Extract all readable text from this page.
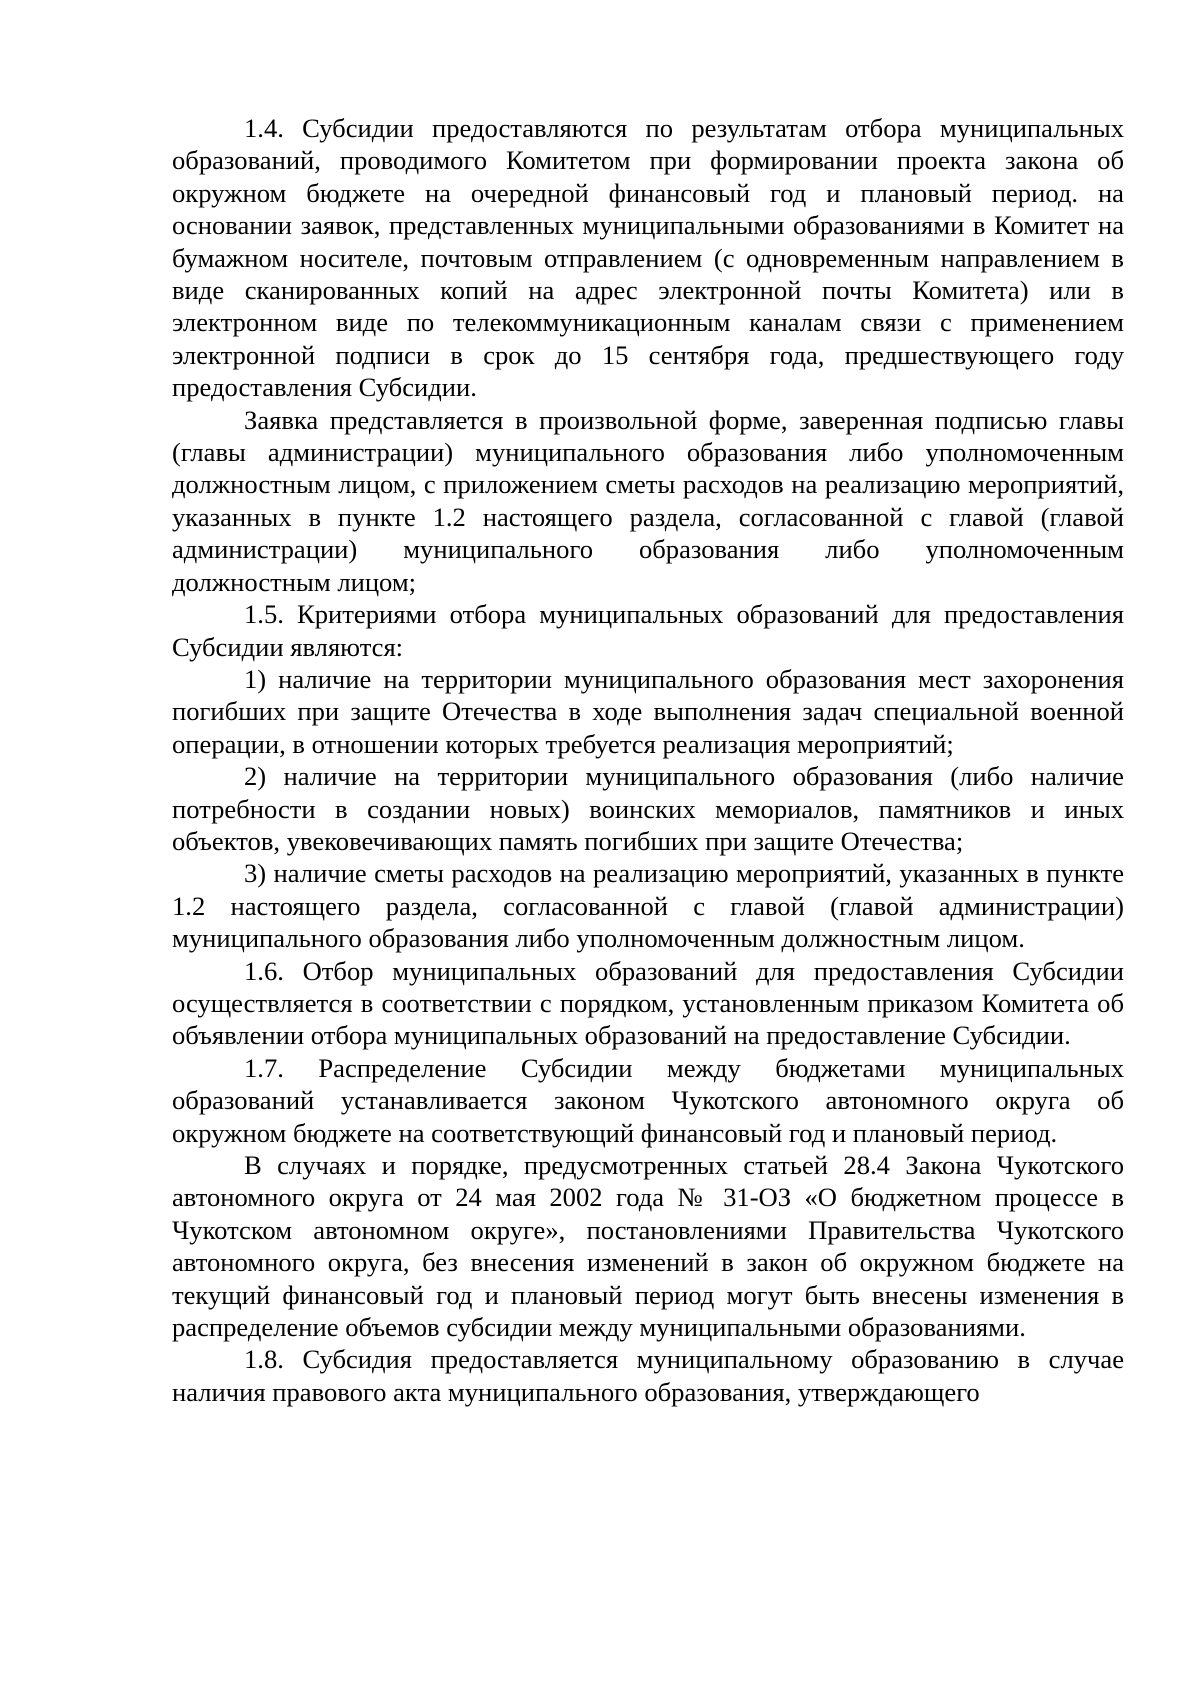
1.4. Субсидии предоставляются по результатам отбора муниципальных образований, проводимого Комитетом при формировании проекта закона об окружном бюджете на очередной финансовый год и плановый период. на основании заявок, представленных муниципальными образованиями в Комитет на бумажном носителе, почтовым отправлением (с одновременным направлением в виде сканированных копий на адрес электронной почты Комитета) или в электронном виде по телекоммуникационным каналам связи с применением электронной подписи в срок до 15 сентября года, предшествующего году предоставления Субсидии.

Заявка представляется в произвольной форме, заверенная подписью главы (главы администрации) муниципального образования либо уполномоченным должностным лицом, с приложением сметы расходов на реализацию мероприятий, указанных в пункте 1.2 настоящего раздела, согласованной с главой (главой администрации) муниципального образования либо уполномоченным должностным лицом;

1.5. Критериями отбора муниципальных образований для предоставления Субсидии являются:

1) наличие на территории муниципального образования мест захоронения погибших при защите Отечества в ходе выполнения задач специальной военной операции, в отношении которых требуется реализация мероприятий;

2) наличие на территории муниципального образования (либо наличие потребности в создании новых) воинских мемориалов, памятников и иных объектов, увековечивающих память погибших при защите Отечества;

3) наличие сметы расходов на реализацию мероприятий, указанных в пункте 1.2 настоящего раздела, согласованной с главой (главой администрации) муниципального образования либо уполномоченным должностным лицом.

1.6. Отбор муниципальных образований для предоставления Субсидии осуществляется в соответствии с порядком, установленным приказом Комитета об объявлении отбора муниципальных образований на предоставление Субсидии.

1.7. Распределение Субсидии между бюджетами муниципальных образований устанавливается законом Чукотского автономного округа об окружном бюджете на соответствующий финансовый год и плановый период.

В случаях и порядке, предусмотренных статьей 28.4 Закона Чукотского автономного округа от 24 мая 2002 года № 31-ОЗ «О бюджетном процессе в Чукотском автономном округе», постановлениями Правительства Чукотского автономного округа, без внесения изменений в закон об окружном бюджете на текущий финансовый год и плановый период могут быть внесены изменения в распределение объемов субсидии между муниципальными образованиями.

1.8. Субсидия предоставляется муниципальному образованию в случае наличия правового акта муниципального образования, утверждающего
